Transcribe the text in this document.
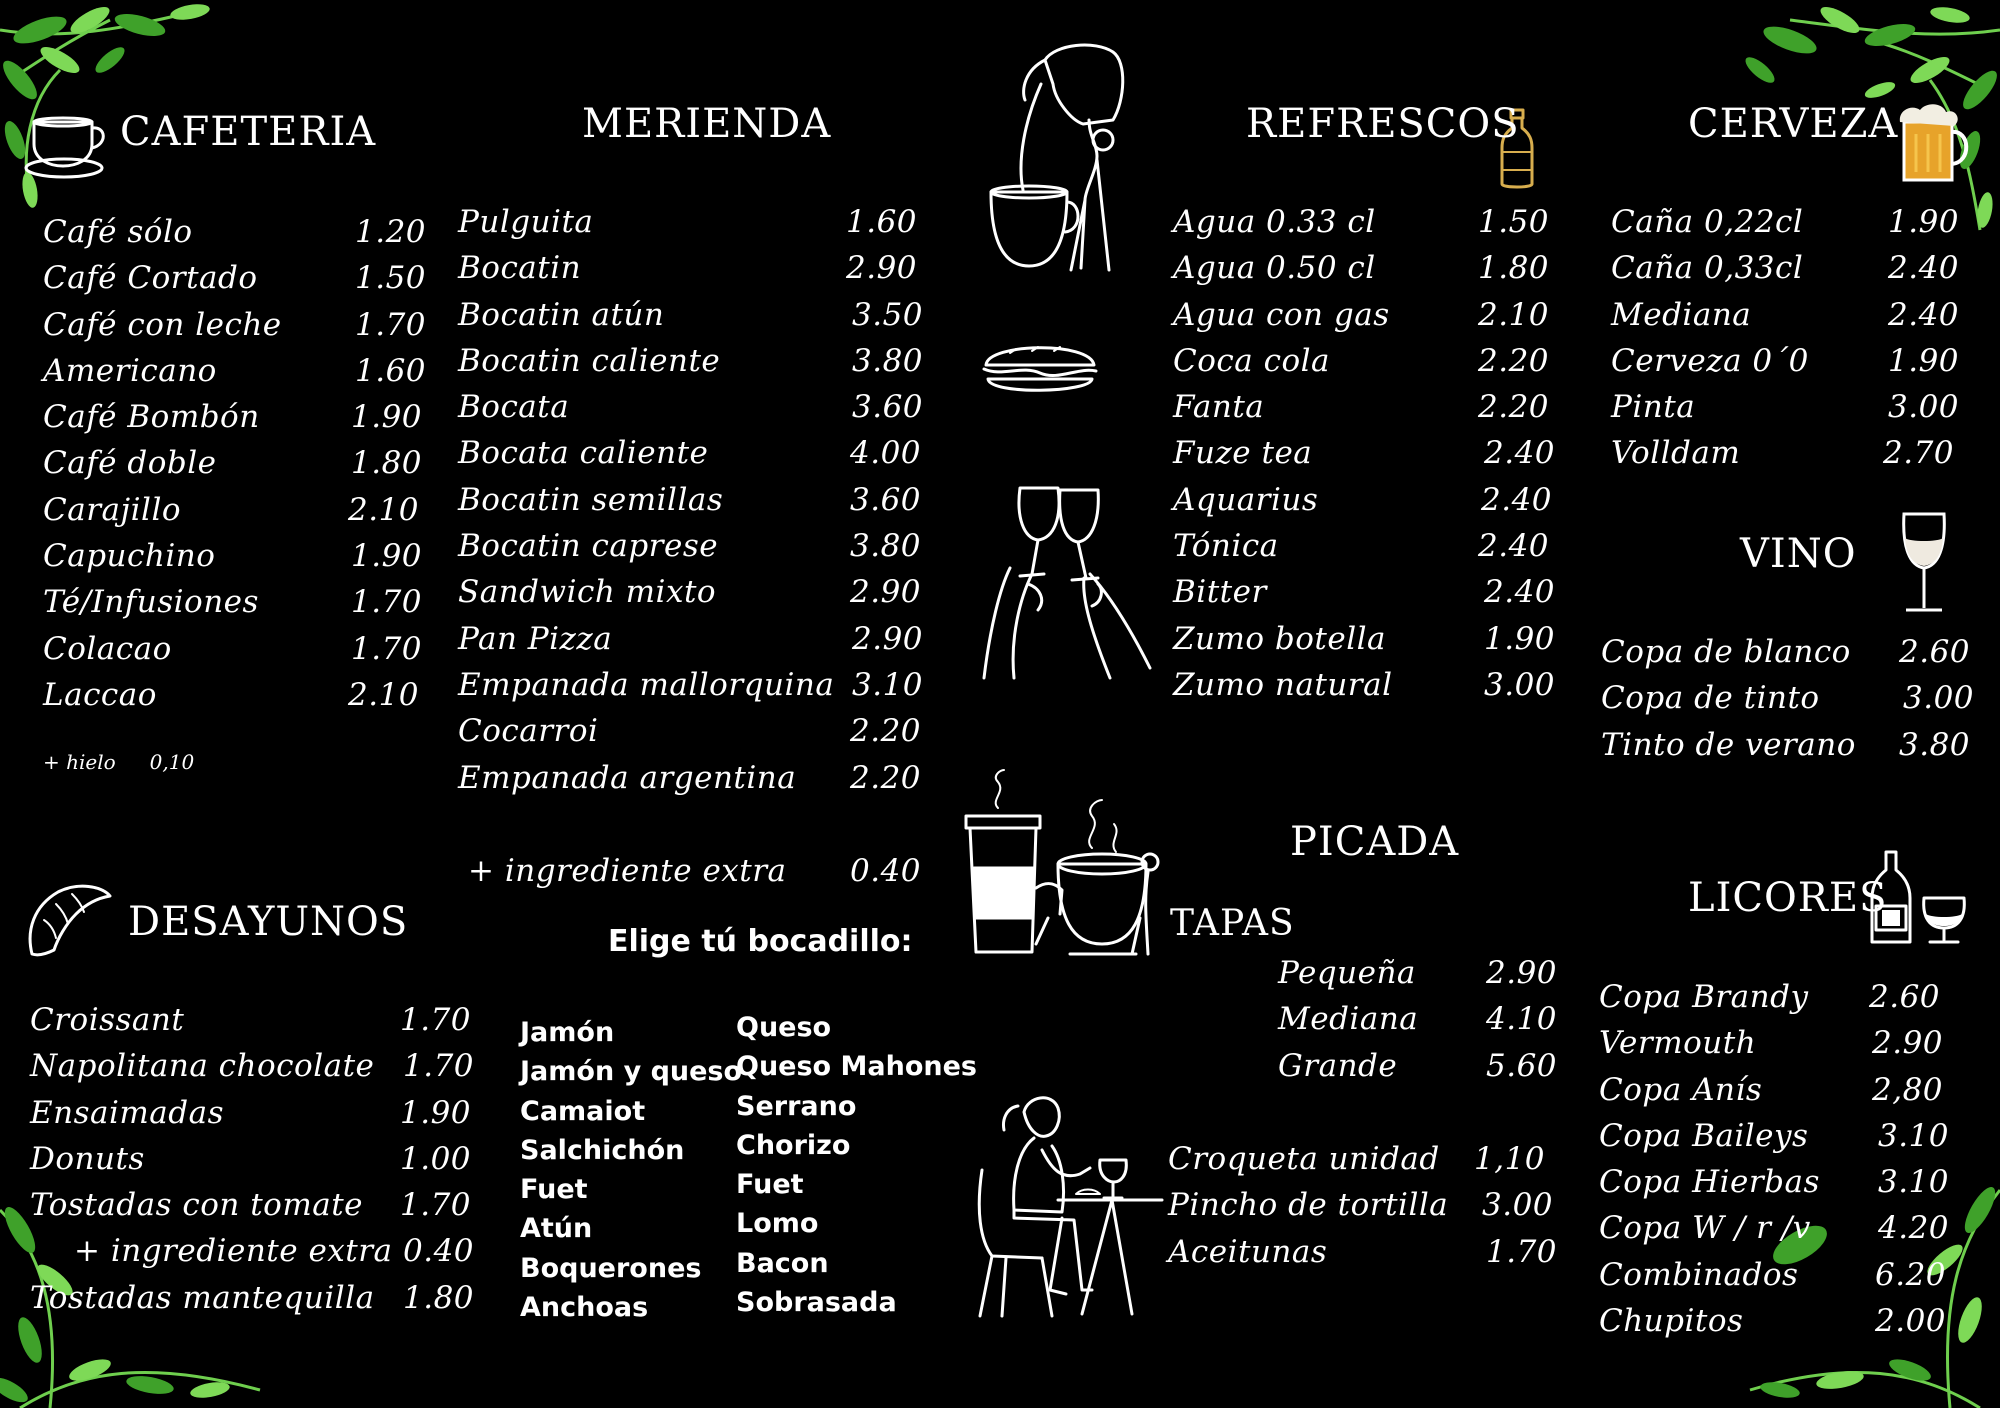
CAFETERIA
Café sólo	1.20
Café Cortado	1.50
Café con leche 1.70
Americano	1.60
Café Bombón	1.90
Café doble	1.80
Carajillo	2.10
Capuchino	1.90
Té/Infusiones	1.70
Colacao	1.70
Laccao	2.10
+ hielo 0,10
MERIENDA
Pulguita	1.60
Bocatin	2.90
Bocatin atún	3.50
Bocatin caliente	3.80
Bocata	3.60
Bocata caliente	4.00
Bocatin semillas	3.60
Bocatin caprese	3.80
Sandwich mixto	2.90
Pan Pizza	2.90
Empanada mallorquina 3.10
Cocarroi	2.20
Empanada argentina 2.20
+ ingrediente extra 0.40
Elige tú bocadillo:
Jamón
Jamón y queso
Camaiot
Salchichón
Fuet
Atún
Boquerones
Anchoas
Queso
Queso Mahones
Serrano
Chorizo
Fuet
Lomo
Bacon
Sobrasada
DESAYUNOS
Croissant	1.70
Napolitana chocolate 1.70
Ensaimadas	1.90
Donuts	1.00
Tostadas con tomate 1.70
+ ingrediente extra 0.40
Tostadas mantequilla 1.80
REFRESCOS
Agua 0.33 cl	1.50
Agua 0.50 cl	1.80
Agua con gas	2.10
Coca cola	2.20
Fanta	2.20
Fuze tea	2.40
Aquarius	2.40
Tónica	2.40
Bitter	2.40
Zumo botella	1.90
Zumo natural	3.00
CERVEZA
Caña 0,22cl	1.90
Caña 0,33cl	2.40
Mediana	2.40
Cerveza 0´0	1.90
Pinta	3.00
Volldam	2.70
VINO
Copa de blanco 2.60
Copa de tinto	3.00
Tinto de verano 3.80
PICADA
TAPAS
Pequeña 2.90
Mediana 4.10
Grande	5.60
Croqueta unidad 1,10
Pincho de tortilla 3.00
Aceitunas	1.70
LICORES
Copa Brandy 2.60
Vermouth	2.90
Copa Anís	2,80
Copa Baileys 3.10
Copa Hierbas 3.10
Copa W / r /v 4.20
Combinados 6.20
Chupitos	2.00
